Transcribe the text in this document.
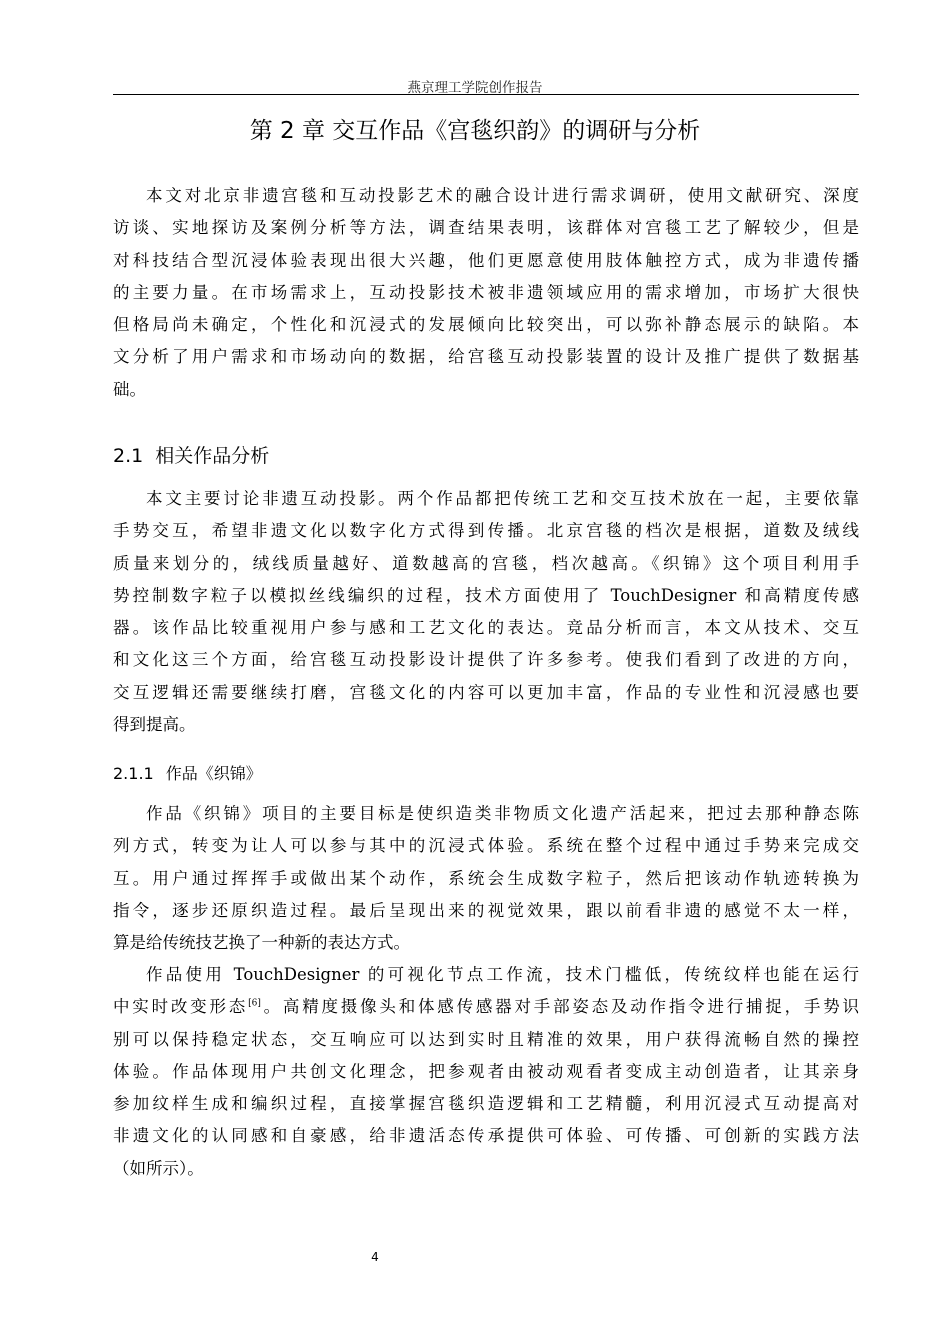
燕京理工学院创作报告
第 2 章 交互作品《宫毯织韵》的调研与分析
本文对北京非遗宫毯和互动投影艺术的融合设计进行需求调研，使用文献研究、深度
访谈、实地探访及案例分析等方法，调查结果表明，该群体对宫毯工艺了解较少，但是
对科技结合型沉浸体验表现出很大兴趣，他们更愿意使用肢体触控方式，成为非遗传播
的主要力量。在市场需求上，互动投影技术被非遗领域应用的需求增加，市场扩大很快
但格局尚未确定，个性化和沉浸式的发展倾向比较突出，可以弥补静态展示的缺陷。本
文分析了用户需求和市场动向的数据，给宫毯互动投影装置的设计及推广提供了数据基
础。
2.1 相关作品分析
本文主要讨论非遗互动投影。两个作品都把传统工艺和交互技术放在一起，主要依靠
手势交互，希望非遗文化以数字化方式得到传播。北京宫毯的档次是根据，道数及绒线
质量来划分的，绒线质量越好、道数越高的宫毯，档次越高。《织锦》这个项目利用手
势控制数字粒子以模拟丝线编织的过程，技术方面使用了 TouchDesigner 和高精度传感
器。该作品比较重视用户参与感和工艺文化的表达。竞品分析而言，本文从技术、交互
和文化这三个方面，给宫毯互动投影设计提供了许多参考。使我们看到了改进的方向，
交互逻辑还需要继续打磨，宫毯文化的内容可以更加丰富，作品的专业性和沉浸感也要
得到提高。
2.1.1 作品《织锦》
作品《织锦》项目的主要目标是使织造类非物质文化遗产活起来，把过去那种静态陈
列方式，转变为让人可以参与其中的沉浸式体验。系统在整个过程中通过手势来完成交
互。用户通过挥挥手或做出某个动作，系统会生成数字粒子，然后把该动作轨迹转换为
指令，逐步还原织造过程。最后呈现出来的视觉效果，跟以前看非遗的感觉不太一样，
算是给传统技艺换了一种新的表达方式。
作品使用 TouchDesigner 的可视化节点工作流，技术门槛低，传统纹样也能在运行
中实时改变形态[6]。高精度摄像头和体感传感器对手部姿态及动作指令进行捕捉，手势识
别可以保持稳定状态，交互响应可以达到实时且精准的效果，用户获得流畅自然的操控
体验。作品体现用户共创文化理念，把参观者由被动观看者变成主动创造者，让其亲身
参加纹样生成和编织过程，直接掌握宫毯织造逻辑和工艺精髓，利用沉浸式互动提高对
非遗文化的认同感和自豪感，给非遗活态传承提供可体验、可传播、可创新的实践方法
（如所示）。
4
